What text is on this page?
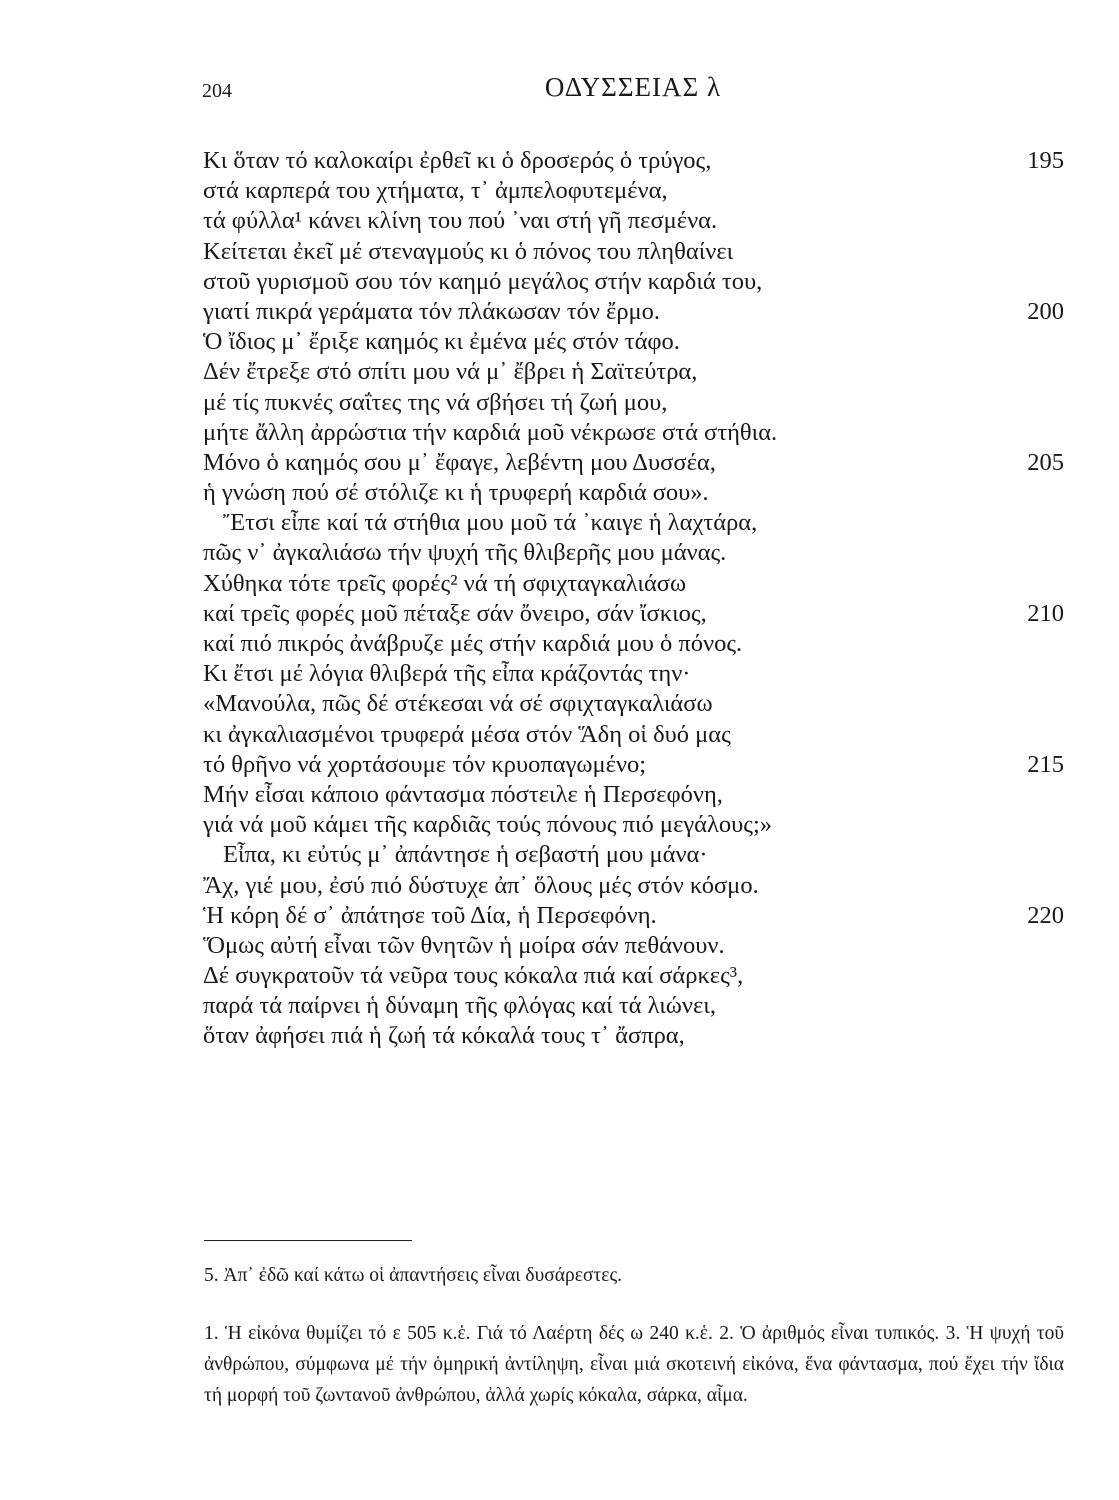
204	ΟΔΥΣΣΕΙΑΣ λ
Κι ὅταν τό καλοκαίρι ἐρθεῖ κι ὁ δροσερός ὁ τρύγος,	195
στά καρπερά του χτήματα, τ᾽ ἀμπελοφυτεμένα,
τά φύλλα¹ κάνει κλίνη του πού ᾽ναι στή γῆ πεσμένα.
Κείτεται ἐκεῖ μέ στεναγμούς κι ὁ πόνος του πληθαίνει
στοῦ γυρισμοῦ σου τόν καημό μεγάλος στήν καρδιά του,
γιατί πικρά γεράματα τόν πλάκωσαν τόν ἔρμο.	200
Ὁ ἴδιος μ᾽ ἔριξε καημός κι ἐμένα μές στόν τάφο.
Δέν ἔτρεξε στό σπίτι μου νά μ᾽ ἔβρει ἡ Σαϊτεύτρα,
μέ τίς πυκνές σαΐτες της νά σβήσει τή ζωή μου,
μήτε ἄλλη ἀρρώστια τήν καρδιά μοῦ νέκρωσε στά στήθια.
Μόνο ὁ καημός σου μ᾽ ἔφαγε, λεβέντη μου Δυσσέα,	205
ἡ γνώση πού σέ στόλιζε κι ἡ τρυφερή καρδιά σου».
Ἔτσι εἶπε καί τά στήθια μου μοῦ τά ᾽καιγε ἡ λαχτάρα,
πῶς ν᾽ ἀγκαλιάσω τήν ψυχή τῆς θλιβερῆς μου μάνας.
Χύθηκα τότε τρεῖς φορές² νά τή σφιχταγκαλιάσω
καί τρεῖς φορές μοῦ πέταξε σάν ὄνειρο, σάν ἴσκιος,	210
καί πιό πικρός ἀνάβρυζε μές στήν καρδιά μου ὁ πόνος.
Κι ἔτσι μέ λόγια θλιβερά τῆς εἶπα κράζοντάς την·
«Μανούλα, πῶς δέ στέκεσαι νά σέ σφιχταγκαλιάσω
κι ἀγκαλιασμένοι τρυφερά μέσα στόν Ἅδη οἱ δυό μας
τό θρῆνο νά χορτάσουμε τόν κρυοπαγωμένο;	215
Μήν εἶσαι κάποιο φάντασμα πόστειλε ἡ Περσεφόνη,
γιά νά μοῦ κάμει τῆς καρδιᾶς τούς πόνους πιό μεγάλους;»
Εἶπα, κι εὐτύς μ᾽ ἀπάντησε ἡ σεβαστή μου μάνα·
Ἄχ, γιέ μου, ἐσύ πιό δύστυχε ἀπ᾽ ὅλους μές στόν κόσμο.
Ἡ κόρη δέ σ᾽ ἀπάτησε τοῦ Δία, ἡ Περσεφόνη.	220
Ὅμως αὐτή εἶναι τῶν θνητῶν ἡ μοίρα σάν πεθάνουν.
Δέ συγκρατοῦν τά νεῦρα τους κόκαλα πιά καί σάρκες³,
παρά τά παίρνει ἡ δύναμη τῆς φλόγας καί τά λιώνει,
ὅταν ἀφήσει πιά ἡ ζωή τά κόκαλά τους τ᾽ ἄσπρα,
5. Ἀπ᾽ ἐδῶ καί κάτω οἱ ἀπαντήσεις εἶναι δυσάρεστες.

1. Ἡ εἰκόνα θυμίζει τό ε 505 κ.ἑ. Γιά τό Λαέρτη δές ω 240 κ.ἑ. 2. Ὁ ἀριθμός εἶναι τυπικός. 3. Ἡ ψυχή τοῦ ἀνθρώπου, σύμφωνα μέ τήν ὁμηρική ἀντίληψη, εἶναι μιά σκοτεινή εἰκόνα, ἕνα φάντασμα, πού ἔχει τήν ἴδια τή μορφή τοῦ ζωντανοῦ ἀνθρώπου, ἀλλά χωρίς κόκαλα, σάρκα, αἷμα.
